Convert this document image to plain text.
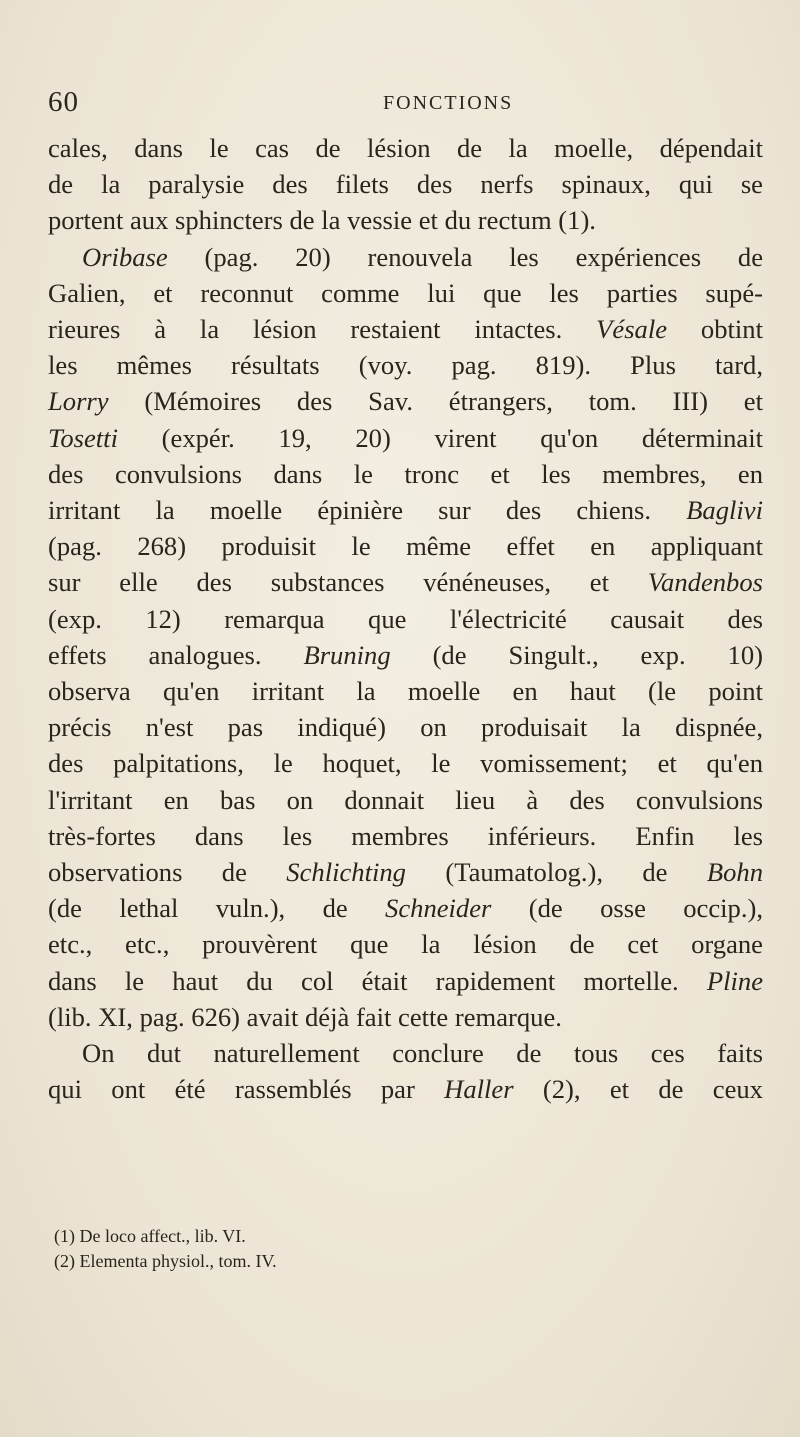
60	FONCTIONS
cales, dans le cas de lésion de la moelle, dépendait
de la paralysie des filets des nerfs spinaux, qui se
portent aux sphincters de la vessie et du rectum (1).
Oribase (pag. 20) renouvela les expériences de
Galien, et reconnut comme lui que les parties supé-
rieures à la lésion restaient intactes. Vésale obtint
les mêmes résultats (voy. pag. 819). Plus tard,
Lorry (Mémoires des Sav. étrangers, tom. III) et
Tosetti (expér. 19, 20) virent qu'on déterminait
des convulsions dans le tronc et les membres, en
irritant la moelle épinière sur des chiens. Baglivi
(pag. 268) produisit le même effet en appliquant
sur elle des substances vénéneuses, et Vandenbos
(exp. 12) remarqua que l'électricité causait des
effets analogues. Bruning (de Singult., exp. 10)
observa qu'en irritant la moelle en haut (le point
précis n'est pas indiqué) on produisait la dispnée,
des palpitations, le hoquet, le vomissement; et qu'en
l'irritant en bas on donnait lieu à des convulsions
très-fortes dans les membres inférieurs. Enfin les
observations de Schlichting (Taumatolog.), de Bohn
(de lethal vuln.), de Schneider (de osse occip.),
etc., etc., prouvèrent que la lésion de cet organe
dans le haut du col était rapidement mortelle. Pline
(lib. XI, pag. 626) avait déjà fait cette remarque.
On dut naturellement conclure de tous ces faits
qui ont été rassemblés par Haller (2), et de ceux
(1) De loco affect., lib. VI.
(2) Elementa physiol., tom. IV.
